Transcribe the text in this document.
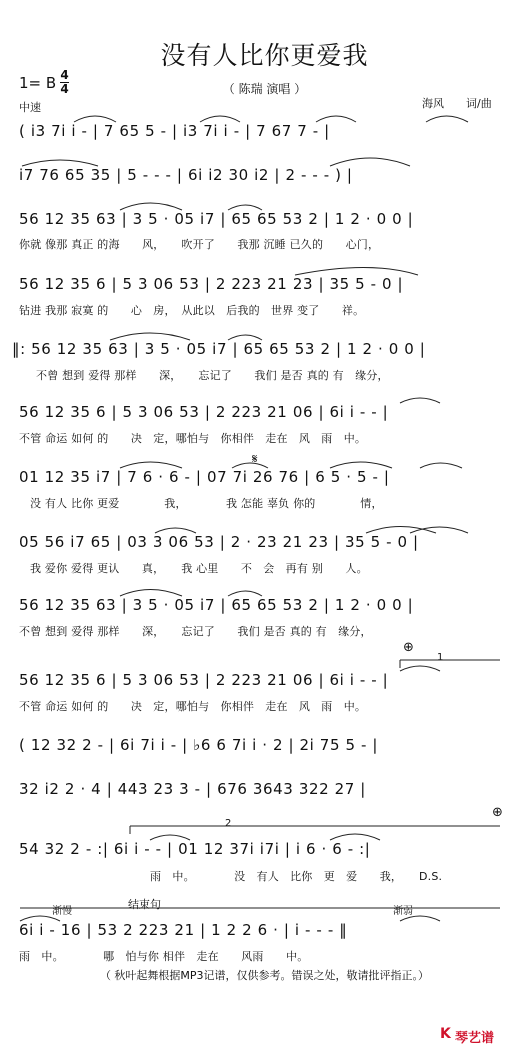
没有人比你更爱我
（ 陈瑞 演唱 ）
1= B 4
4
中速	海风　　词/曲
( i3 7i i - | 7 65 5 - | i3 7i i - | 7 67 7 - |
i7 76 65 35 | 5 - - - | 6i i2 30 i2 | 2 - - - ) |
56 12 35 63 | 3 5 · 05 i7 | 65 65 53 2 | 1 2 · 0 0 |
你就 像那 真正 的海　　风，　　吹开了　　我那 沉睡 已久的　　心门，
56 12 35 6 | 5 3 06 53 | 2 223 21 23 | 35 5 - 0 |
钻进 我那 寂寞 的　　心　房，　从此以　后我的　世界 变了　　祥。
‖: 56 12 35 63 | 3 5 · 05 i7 | 65 65 53 2 | 1 2 · 0 0 |
不曾 想到 爱得 那样　　深，　　忘记了　　我们 是否 真的 有　缘分，
56 12 35 6 | 5 3 06 53 | 2 223 21 06 | 6i i - - |
不管 命运 如何 的　　决　定，哪怕与　你相伴　走在　风　雨　中。
𝄋
01 12 35 i7 | 7 6 · 6 - | 07 7i 26 76 | 6 5 · 5 - |
没 有人 比你 更爱　　　　我，　　　　我 怎能 辜负 你的　　　　情，
05 56 i7 65 | 03 3 06 53 | 2 · 23 21 23 | 35 5 - 0 |
我 爱你 爱得 更认　　真，　　我 心里　　不　会　再有 别　　人。
56 12 35 63 | 3 5 · 05 i7 | 65 65 53 2 | 1 2 · 0 0 |
不曾 想到 爱得 那样　　深，　　忘记了　　我们 是否 真的 有　缘分，
⊕
1
56 12 35 6 | 5 3 06 53 | 2 223 21 06 | 6i i - - |
不管 命运 如何 的　　决　定，哪怕与　你相伴　走在　风　雨　中。
( 12 32 2 - | 6i 7i i - | ♭6 6 7i i · 2 | 2i 75 5 - |
32 i2 2 · 4 | 443 23 3 - | 676 3643 322 27 |
⊕
2
54 32 2 - :| 6i i - - | 01 12 37i i7i | i 6 · 6 - :|
雨　中。　　　　没　有人　比你　更　爱　　我，　　D.S.
渐慢
结束句
渐弱
6i i - 16 | 53 2 223 21 | 1 2 2 6 · | i - - - ‖
雨　中。　　　　哪　怕与你 相伴　走在　　风雨　　中。
（ 秋叶起舞根据MP3记谱，仅供参考。错误之处，敬请批评指正。）
K 琴艺谱
